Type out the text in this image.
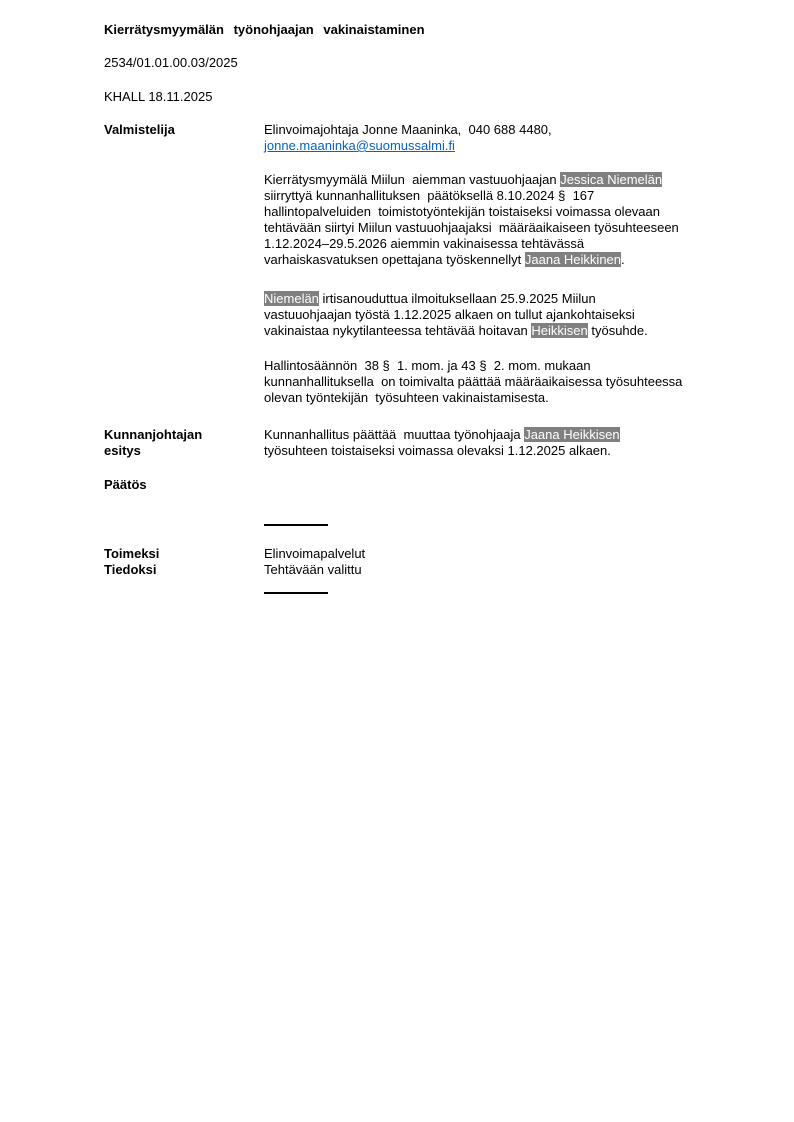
Kierrätysmyymälän työnohjaajan vakinaistaminen
2534/01.01.00.03/2025
KHALL 18.11.2025
Valmistelija	Elinvoimajohtaja Jonne Maaninka,  040 688 4480,
jonne.maaninka@suomussalmi.fi
Kierrätysmyymälä Miilun  aiemman vastuuohjaajan Jessica Niemelän
siirryttyä kunnanhallituksen  päätöksellä 8.10.2024 §  167
hallintopalveluiden  toimistotyöntekijän toistaiseksi voimassa olevaan
tehtävään siirtyi Miilun vastuuohjaajaksi  määräaikaiseen työsuhteeseen
1.12.2024–29.5.2026 aiemmin vakinaisessa tehtävässä
varhaiskasvatuksen opettajana työskennellyt Jaana Heikkinen.
Niemelän irtisanouduttua ilmoituksellaan 25.9.2025 Miilun
vastuuohjaajan työstä 1.12.2025 alkaen on tullut ajankohtaiseksi
vakinaistaa nykytilanteessa tehtävää hoitavan Heikkisen työsuhde.
Hallintosäännön  38 §  1. mom. ja 43 §  2. mom. mukaan
kunnanhallituksella  on toimivalta päättää määräaikaisessa työsuhteessa
olevan työntekijän  työsuhteen vakinaistamisesta.
Kunnanjohtajan esitys
Kunnanhallitus päättää  muuttaa työnohjaaja Jaana Heikkisen
työsuhteen toistaiseksi voimassa olevaksi 1.12.2025 alkaen.
Päätös
Toimeksi
Tiedoksi
Elinvoimapalvelut
Tehtävään valittu
